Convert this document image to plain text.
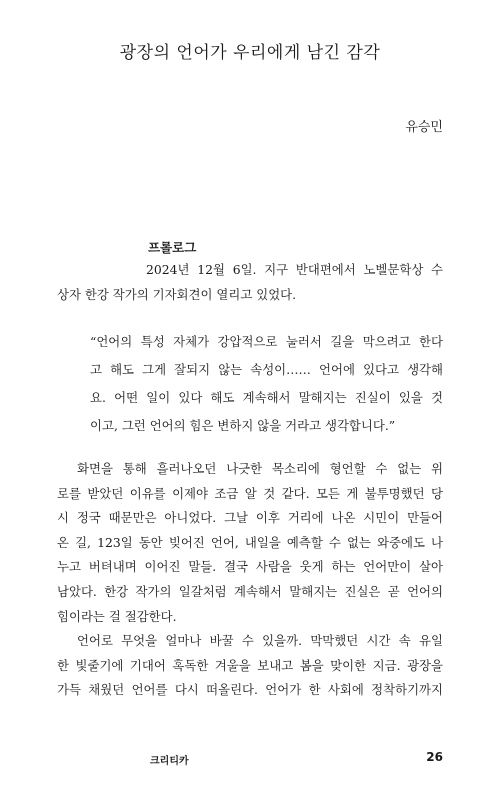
광장의 언어가 우리에게 남긴 감각

유승민

프롤로그

2024년 12월 6일. 지구 반대편에서 노벨문학상 수
상자 한강 작가의 기자회견이 열리고 있었다.
“언어의 특성 자체가 강압적으로 눌러서 길을 막으려고 한다
고 해도 그게 잘되지 않는 속성이…… 언어에 있다고 생각해
요. 어떤 일이 있다 해도 계속해서 말해지는 진실이 있을 것
이고, 그런 언어의 힘은 변하지 않을 거라고 생각합니다.”
화면을 통해 흘러나오던 나긋한 목소리에 형언할 수 없는 위
로를 받았던 이유를 이제야 조금 알 것 같다. 모든 게 불투명했던 당
시 정국 때문만은 아니었다. 그날 이후 거리에 나온 시민이 만들어
온 길, 123일 동안 빚어진 언어, 내일을 예측할 수 없는 와중에도 나
누고 버텨내며 이어진 말들. 결국 사람을 웃게 하는 언어만이 살아
남았다. 한강 작가의 일갈처럼 계속해서 말해지는 진실은 곧 언어의
힘이라는 걸 절감한다.
언어로 무엇을 얼마나 바꿀 수 있을까. 막막했던 시간 속 유일
한 빛줄기에 기대어 혹독한 겨울을 보내고 봄을 맞이한 지금. 광장을
가득 채웠던 언어를 다시 떠올린다. 언어가 한 사회에 정착하기까지

크리티카	26
